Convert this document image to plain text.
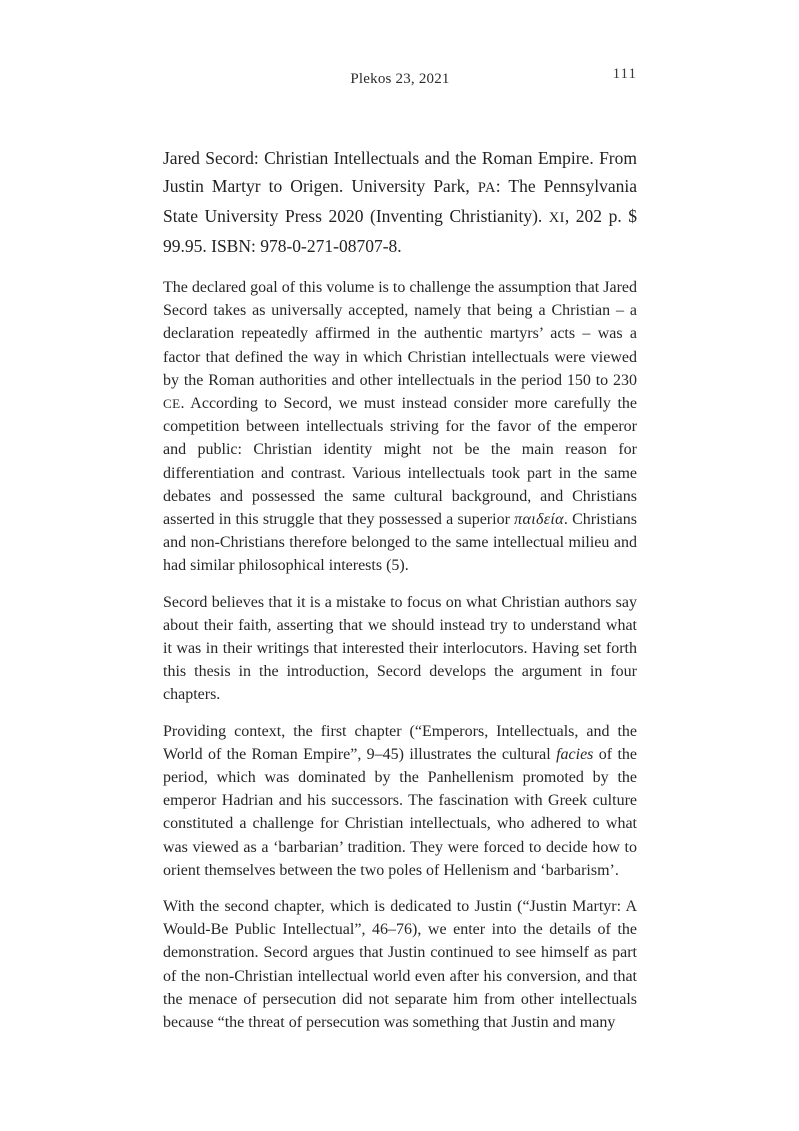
Plekos 23, 2021	111

Jared Secord: Christian Intellectuals and the Roman Empire. From Justin Martyr to Origen. University Park, PA: The Pennsylvania State University Press 2020 (Inventing Christianity). XI, 202 p. $ 99.95. ISBN: 978-0-271-08707-8.

The declared goal of this volume is to challenge the assumption that Jared Secord takes as universally accepted, namely that being a Christian – a declaration repeatedly affirmed in the authentic martyrs’ acts – was a factor that defined the way in which Christian intellectuals were viewed by the Roman authorities and other intellectuals in the period 150 to 230 CE. According to Secord, we must instead consider more carefully the competition between intellectuals striving for the favor of the emperor and public: Christian identity might not be the main reason for differentiation and contrast. Various intellectuals took part in the same debates and possessed the same cultural background, and Christians asserted in this struggle that they possessed a superior παιδεία. Christians and non-Christians therefore belonged to the same intellectual milieu and had similar philosophical interests (5).

Secord believes that it is a mistake to focus on what Christian authors say about their faith, asserting that we should instead try to understand what it was in their writings that interested their interlocutors. Having set forth this thesis in the introduction, Secord develops the argument in four chapters.

Providing context, the first chapter (“Emperors, Intellectuals, and the World of the Roman Empire”, 9–45) illustrates the cultural facies of the period, which was dominated by the Panhellenism promoted by the emperor Hadrian and his successors. The fascination with Greek culture constituted a challenge for Christian intellectuals, who adhered to what was viewed as a ‘barbarian’ tradition. They were forced to decide how to orient themselves between the two poles of Hellenism and ‘barbarism’.

With the second chapter, which is dedicated to Justin (“Justin Martyr: A Would-Be Public Intellectual”, 46–76), we enter into the details of the demonstration. Secord argues that Justin continued to see himself as part of the non-Christian intellectual world even after his conversion, and that the menace of persecution did not separate him from other intellectuals because “the threat of persecution was something that Justin and many
